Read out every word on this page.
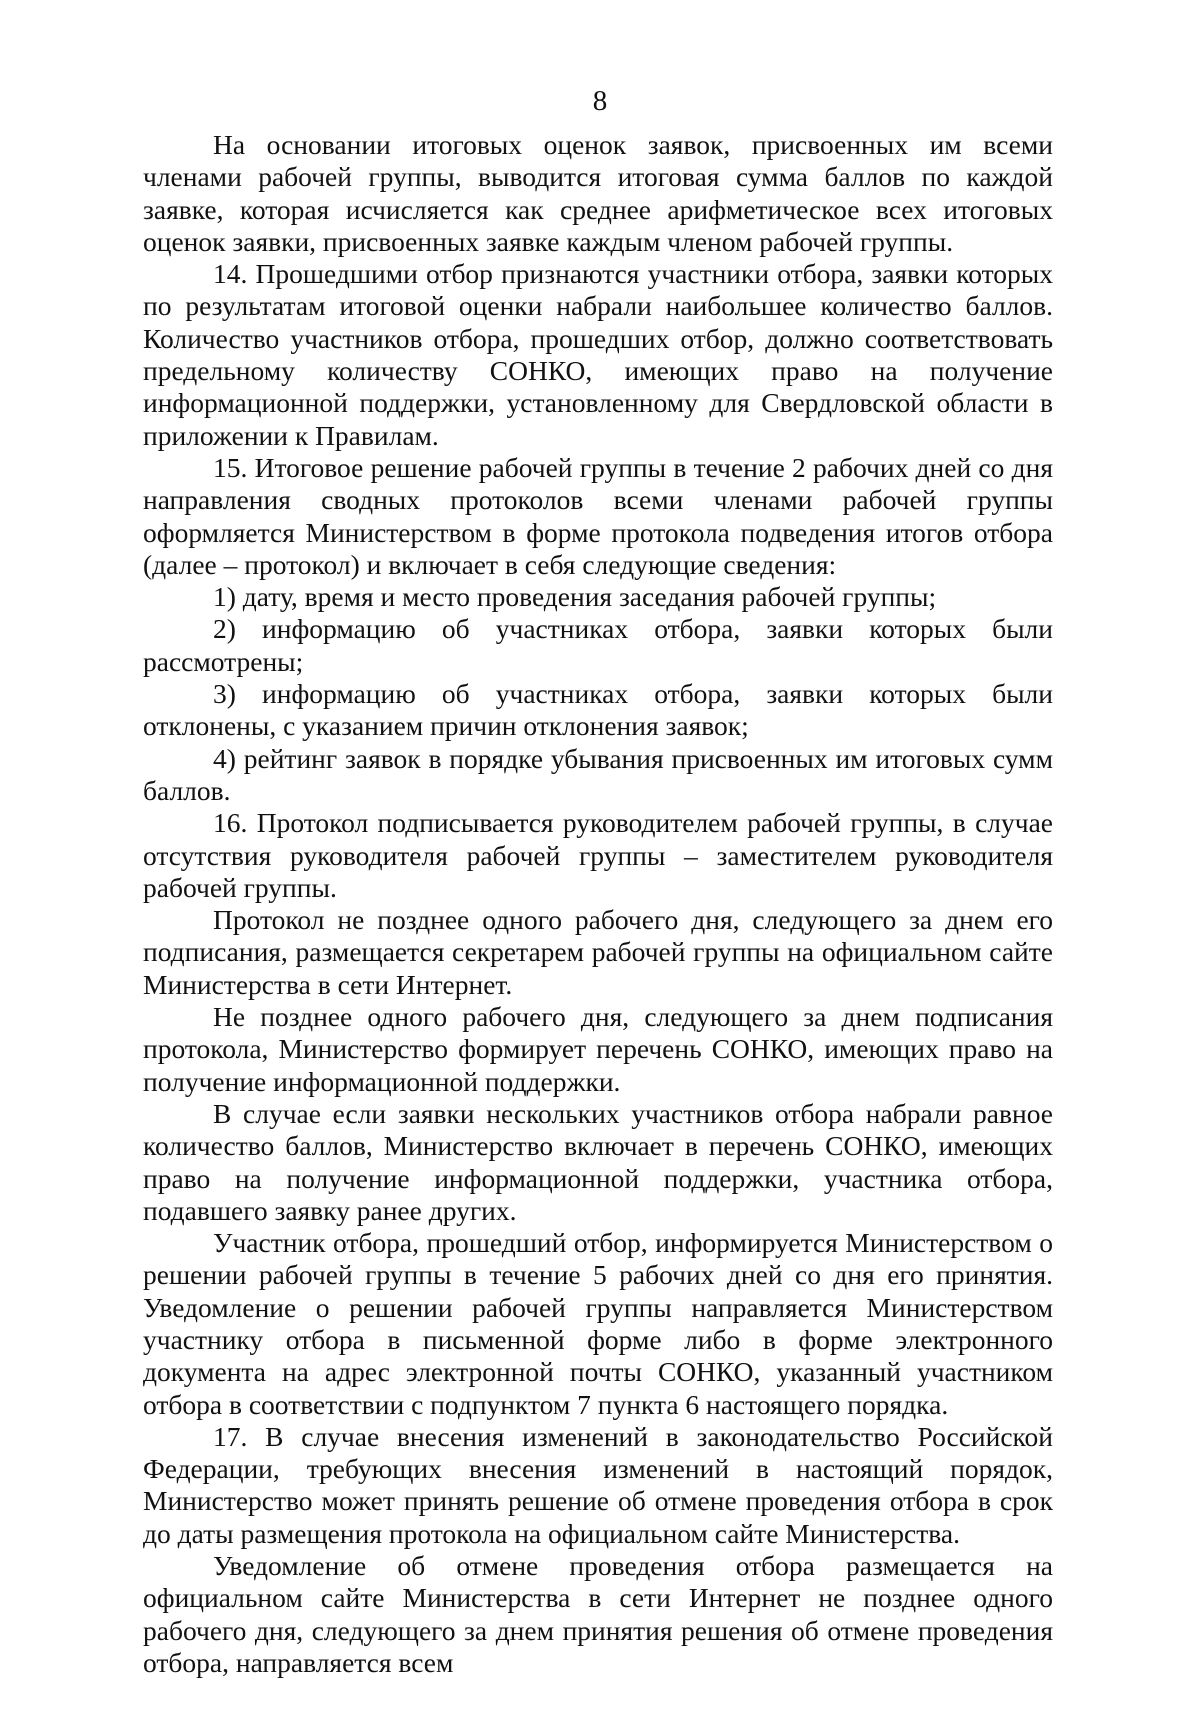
8

На основании итоговых оценок заявок, присвоенных им всеми членами рабочей группы, выводится итоговая сумма баллов по каждой заявке, которая исчисляется как среднее арифметическое всех итоговых оценок заявки, присвоенных заявке каждым членом рабочей группы.

14. Прошедшими отбор признаются участники отбора, заявки которых по результатам итоговой оценки набрали наибольшее количество баллов. Количество участников отбора, прошедших отбор, должно соответствовать предельному количеству СОНКО, имеющих право на получение информационной поддержки, установленному для Свердловской области в приложении к Правилам.

15. Итоговое решение рабочей группы в течение 2 рабочих дней со дня направления сводных протоколов всеми членами рабочей группы оформляется Министерством в форме протокола подведения итогов отбора (далее – протокол) и включает в себя следующие сведения:

1) дату, время и место проведения заседания рабочей группы;

2) информацию об участниках отбора, заявки которых были рассмотрены;

3) информацию об участниках отбора, заявки которых были отклонены, с указанием причин отклонения заявок;

4) рейтинг заявок в порядке убывания присвоенных им итоговых сумм баллов.

16. Протокол подписывается руководителем рабочей группы, в случае отсутствия руководителя рабочей группы – заместителем руководителя рабочей группы.

Протокол не позднее одного рабочего дня, следующего за днем его подписания, размещается секретарем рабочей группы на официальном сайте Министерства в сети Интернет.

Не позднее одного рабочего дня, следующего за днем подписания протокола, Министерство формирует перечень СОНКО, имеющих право на получение информационной поддержки.

В случае если заявки нескольких участников отбора набрали равное количество баллов, Министерство включает в перечень СОНКО, имеющих право на получение информационной поддержки, участника отбора, подавшего заявку ранее других.

Участник отбора, прошедший отбор, информируется Министерством о решении рабочей группы в течение 5 рабочих дней со дня его принятия. Уведомление о решении рабочей группы направляется Министерством участнику отбора в письменной форме либо в форме электронного документа на адрес электронной почты СОНКО, указанный участником отбора в соответствии с подпунктом 7 пункта 6 настоящего порядка.

17. В случае внесения изменений в законодательство Российской Федерации, требующих внесения изменений в настоящий порядок, Министерство может принять решение об отмене проведения отбора в срок до даты размещения протокола на официальном сайте Министерства.

Уведомление об отмене проведения отбора размещается на официальном сайте Министерства в сети Интернет не позднее одного рабочего дня, следующего за днем принятия решения об отмене проведения отбора, направляется всем
